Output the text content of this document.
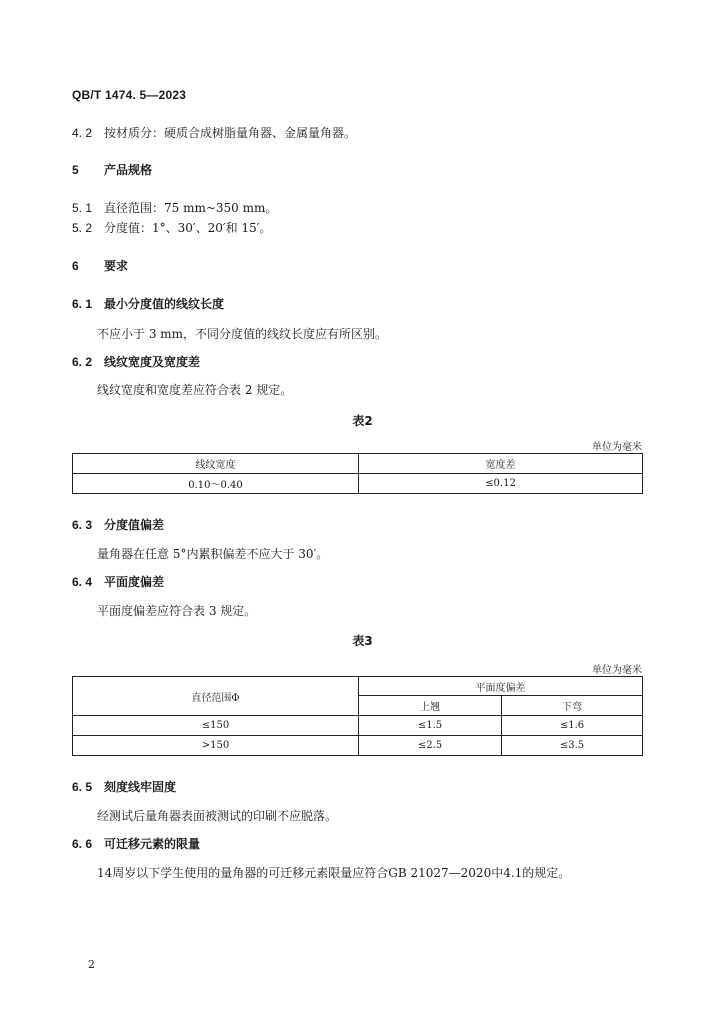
QB/T 1474. 5—2023
4. 2 按材质分：硬质合成树脂量角器、金属量角器。
5 产品规格
5. 1 直径范围：75 mm~350 mm。
5. 2 分度值：1°、30′、20′和 15′。
6 要求
6. 1 最小分度值的线纹长度
不应小于 3 mm，不同分度值的线纹长度应有所区别。
6. 2 线纹宽度及宽度差
线纹宽度和宽度差应符合表 2 规定。
表2
单位为毫米
线纹宽度	宽度差
0.10～0.40	≤0.12
6. 3 分度值偏差
量角器在任意 5°内累积偏差不应大于 30′。
6. 4 平面度偏差
平面度偏差应符合表 3 规定。
表3
单位为毫米
直径范围Φ	平面度偏差	
	上翘	下弯
≤150	≤1.5	≤1.6
>150	≤2.5	≤3.5
6. 5 刻度线牢固度
经测试后量角器表面被测试的印刷不应脱落。
6. 6 可迁移元素的限量
14周岁以下学生使用的量角器的可迁移元素限量应符合GB 21027—2020中4.1的规定。
2
